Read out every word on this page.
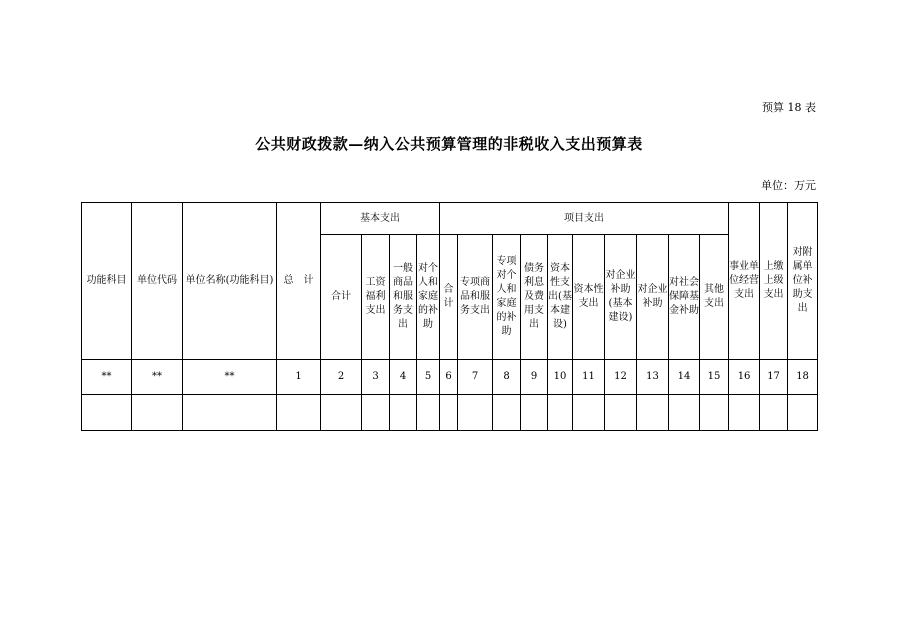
预算 18 表
公共财政拨款—纳入公共预算管理的非税收入支出预算表
单位：万元
功能科目	单位代码	单位名称(功能科目)	总　计	基本支出				项目支出										事业单位经营支出	上缴上级支出	对附属单位补助支出
				合计	工资福利支出	一般商品和服务支出	对个人和家庭的补助	合计	专项商品和服务支出	专项对个人和家庭的补助	债务利息及费用支出	资本性支出(基本建设)	资本性支出	对企业补助(基本建设)	对企业补助	对社会保障基金补助	其他支出			
**	**	**	1	2	3	4	5	6	7	8	9	10	11	12	13	14	15	16	17	18
